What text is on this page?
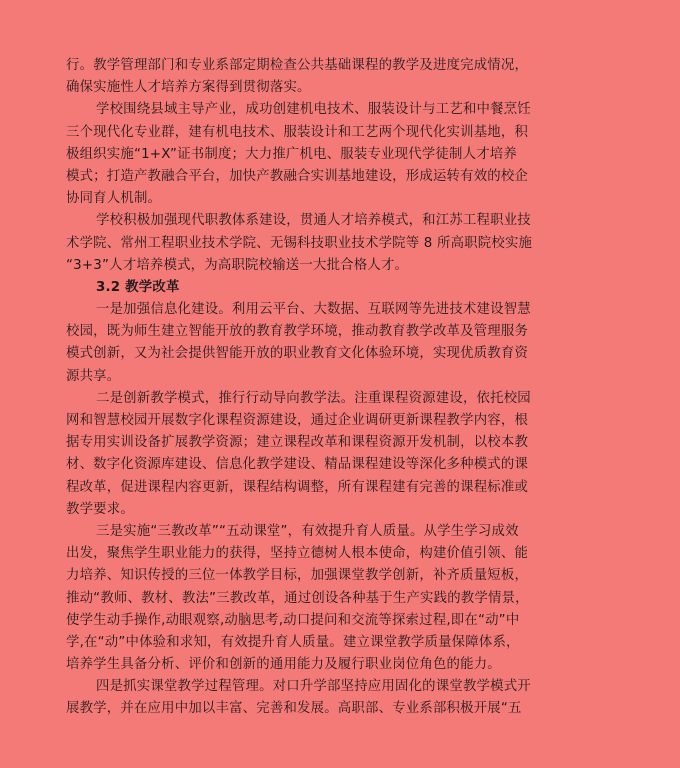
行。教学管理部门和专业系部定期检查公共基础课程的教学及进度完成情况，
确保实施性人才培养方案得到贯彻落实。
学校围绕县域主导产业，成功创建机电技术、服装设计与工艺和中餐烹饪
三个现代化专业群，建有机电技术、服装设计和工艺两个现代化实训基地，积
极组织实施“1+X”证书制度；大力推广机电、服装专业现代学徒制人才培养
模式；打造产教融合平台，加快产教融合实训基地建设，形成运转有效的校企
协同育人机制。
学校积极加强现代职教体系建设，贯通人才培养模式，和江苏工程职业技
术学院、常州工程职业技术学院、无锡科技职业技术学院等 8 所高职院校实施
“3+3”人才培养模式，为高职院校输送一大批合格人才。
3.2 教学改革
一是加强信息化建设。利用云平台、大数据、互联网等先进技术建设智慧
校园，既为师生建立智能开放的教育教学环境，推动教育教学改革及管理服务
模式创新，又为社会提供智能开放的职业教育文化体验环境，实现优质教育资
源共享。
二是创新教学模式，推行行动导向教学法。注重课程资源建设，依托校园
网和智慧校园开展数字化课程资源建设，通过企业调研更新课程教学内容，根
据专用实训设备扩展教学资源；建立课程改革和课程资源开发机制，以校本教
材、数字化资源库建设、信息化教学建设、精品课程建设等深化多种模式的课
程改革，促进课程内容更新，课程结构调整，所有课程建有完善的课程标准或
教学要求。
三是实施“三教改革”“五动课堂”，有效提升育人质量。从学生学习成效
出发，聚焦学生职业能力的获得，坚持立德树人根本使命，构建价值引领、能
力培养、知识传授的三位一体教学目标，加强课堂教学创新，补齐质量短板，
推动“教师、教材、教法”三教改革，通过创设各种基于生产实践的教学情景，
使学生动手操作,动眼观察,动脑思考,动口提问和交流等探索过程,即在“动”中
学,在“动”中体验和求知，有效提升育人质量。建立课堂教学质量保障体系，
培养学生具备分析、评价和创新的通用能力及履行职业岗位角色的能力。
四是抓实课堂教学过程管理。对口升学部坚持应用固化的课堂教学模式开
展教学，并在应用中加以丰富、完善和发展。高职部、专业系部积极开展“五
